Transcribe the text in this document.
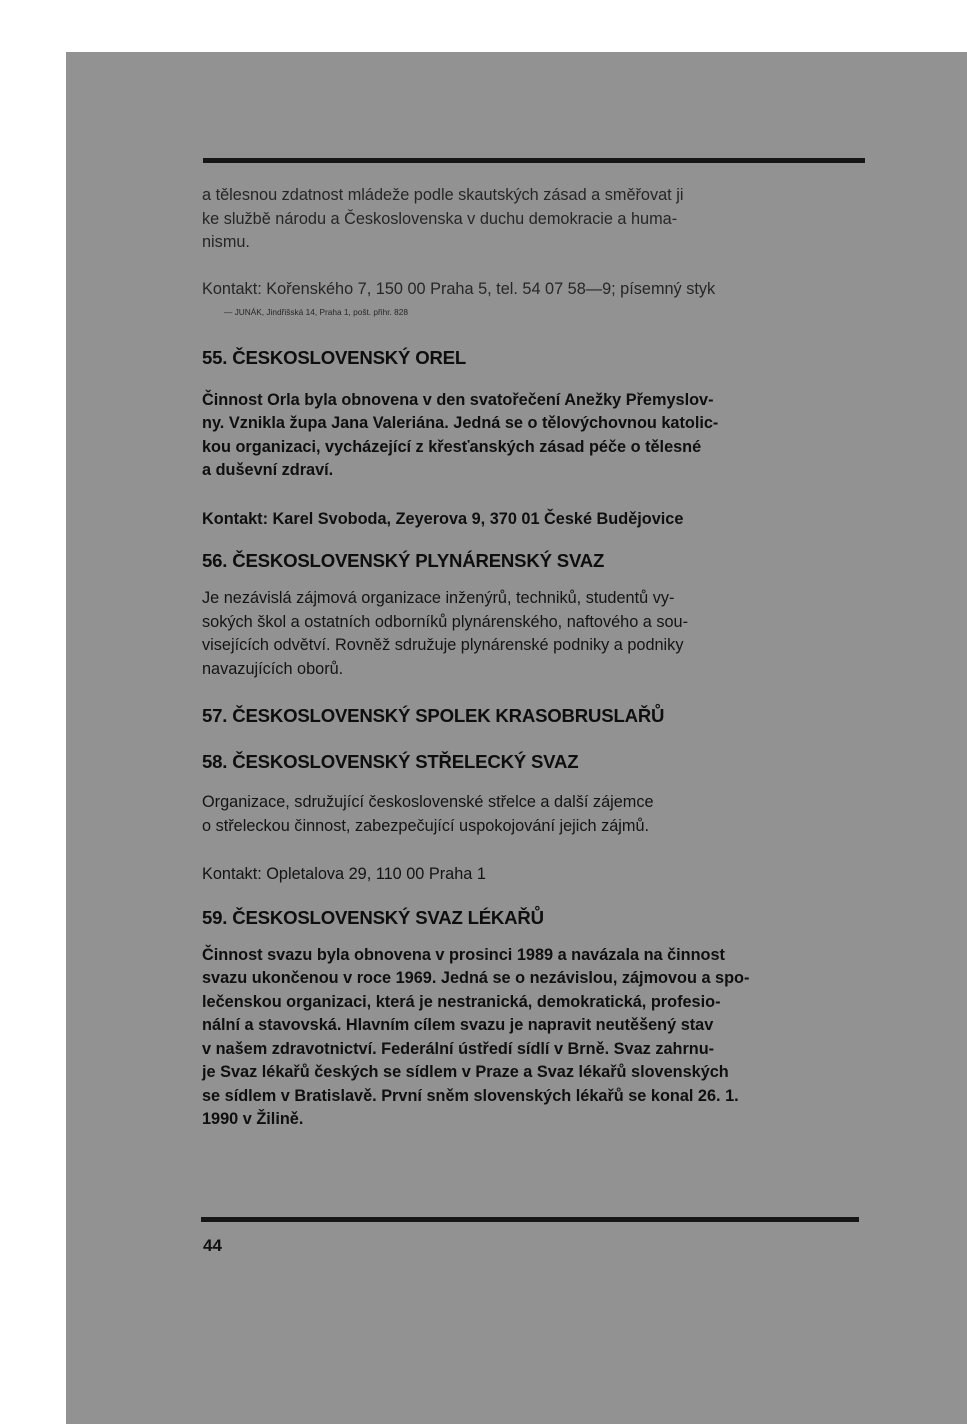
a tělesnou zdatnost mládeže podle skautských zásad a směřovat ji
ke službě národu a Československa v duchu demokracie a huma-
nismu.

Kontakt: Kořenského 7, 150 00 Praha 5, tel. 54 07 58—9; písemný styk
— JUNÁK, Jindřišská 14, Praha 1, pošt. přihr. 828

55. ČESKOSLOVENSKÝ OREL

Činnost Orla byla obnovena v den svatořečení Anežky Přemyslov-
ny. Vznikla župa Jana Valeriána. Jedná se o tělovýchovnou katolic-
kou organizaci, vycházející z křesťanských zásad péče o tělesné
a duševní zdraví.

Kontakt: Karel Svoboda, Zeyerova 9, 370 01 České Budějovice

56. ČESKOSLOVENSKÝ PLYNÁRENSKÝ SVAZ

Je nezávislá zájmová organizace inženýrů, techniků, studentů vy-
sokých škol a ostatních odborníků plynárenského, naftového a sou-
visejících odvětví. Rovněž sdružuje plynárenské podniky a podniky
navazujících oborů.

57. ČESKOSLOVENSKÝ SPOLEK KRASOBRUSLAŘŮ
58. ČESKOSLOVENSKÝ STŘELECKÝ SVAZ

Organizace, sdružující československé střelce a další zájemce
o střeleckou činnost, zabezpečující uspokojování jejich zájmů.

Kontakt: Opletalova 29, 110 00 Praha 1

59. ČESKOSLOVENSKÝ SVAZ LÉKAŘŮ

Činnost svazu byla obnovena v prosinci 1989 a navázala na činnost
svazu ukončenou v roce 1969. Jedná se o nezávislou, zájmovou a spo-
lečenskou organizaci, která je nestranická, demokratická, profesio-
nální a stavovská. Hlavním cílem svazu je napravit neutěšený stav
v našem zdravotnictví. Federální ústředí sídlí v Brně. Svaz zahrnu-
je Svaz lékařů českých se sídlem v Praze a Svaz lékařů slovenských
se sídlem v Bratislavě. První sněm slovenských lékařů se konal 26. 1.
1990 v Žilině.

44
